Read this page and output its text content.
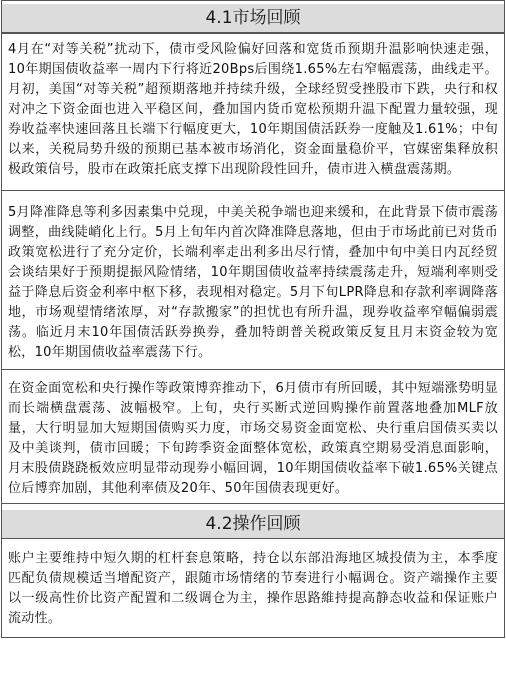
4.1市场回顾
4月在“对等关税”扰动下，债市受风险偏好回落和宽货币预期升温影响快速走强，10年期国债收益率一周内下行将近20Bps后围绕1.65%左右窄幅震荡，曲线走平。月初，美国“对等关税”超预期落地并持续升级，全球经贸受挫股市下跌，央行和权对冲之下资金面也进入平稳区间，叠加国内货币宽松预期升温下配置力量较强，现券收益率快速回落且长端下行幅度更大，10年期国债活跃券一度触及1.61%；中旬以来，关税局势升级的预期已基本被市场消化，资金面量稳价平，官媒密集释放积极政策信号，股市在政策托底支撑下出现阶段性回升，债市进入横盘震荡期。
5月降准降息等利多因素集中兑现，中美关税争端也迎来缓和，在此背景下债市震荡调整，曲线陡峭化上行。5月上旬年内首次降准降息落地，但由于市场此前已对货币政策宽松进行了充分定价，长端利率走出利多出尽行情，叠加中旬中美日内瓦经贸会谈结果好于预期提振风险情绪，10年期国债收益率持续震荡走升，短端利率则受益于降息后资金利率中枢下移，表现相对稳定。5月下旬LPR降息和存款利率调降落地，市场观望情绪浓厚，对“存款搬家”的担忧也有所升温，现券收益率窄幅偏弱震荡。临近月末10年国债活跃券换券，叠加特朗普关税政策反复且月末资金较为宽松，10年期国债收益率震荡下行。
在资金面宽松和央行操作等政策博弈推动下，6月债市有所回暖，其中短端涨势明显而长端横盘震荡、波幅极窄。上旬，央行买断式逆回购操作前置落地叠加MLF放量，大行明显加大短期国债购买力度，市场交易资金面宽松、央行重启国债买卖以及中美谈判，债市回暖；下旬跨季资金面整体宽松，政策真空期易受消息面影响，月末股债跷跷板效应明显带动现券小幅回调，10年期国债收益率下破1.65%关键点位后博弈加剧，其他利率债及20年、50年国债表现更好。
4.2操作回顾
账户主要维持中短久期的杠杆套息策略，持仓以东部沿海地区城投债为主，本季度匹配负债规模适当增配资产，跟随市场情绪的节奏进行小幅调仓。资产端操作主要以一级高性价比资产配置和二级调仓为主，操作思路維持提高静态收益和保证账户流动性。
